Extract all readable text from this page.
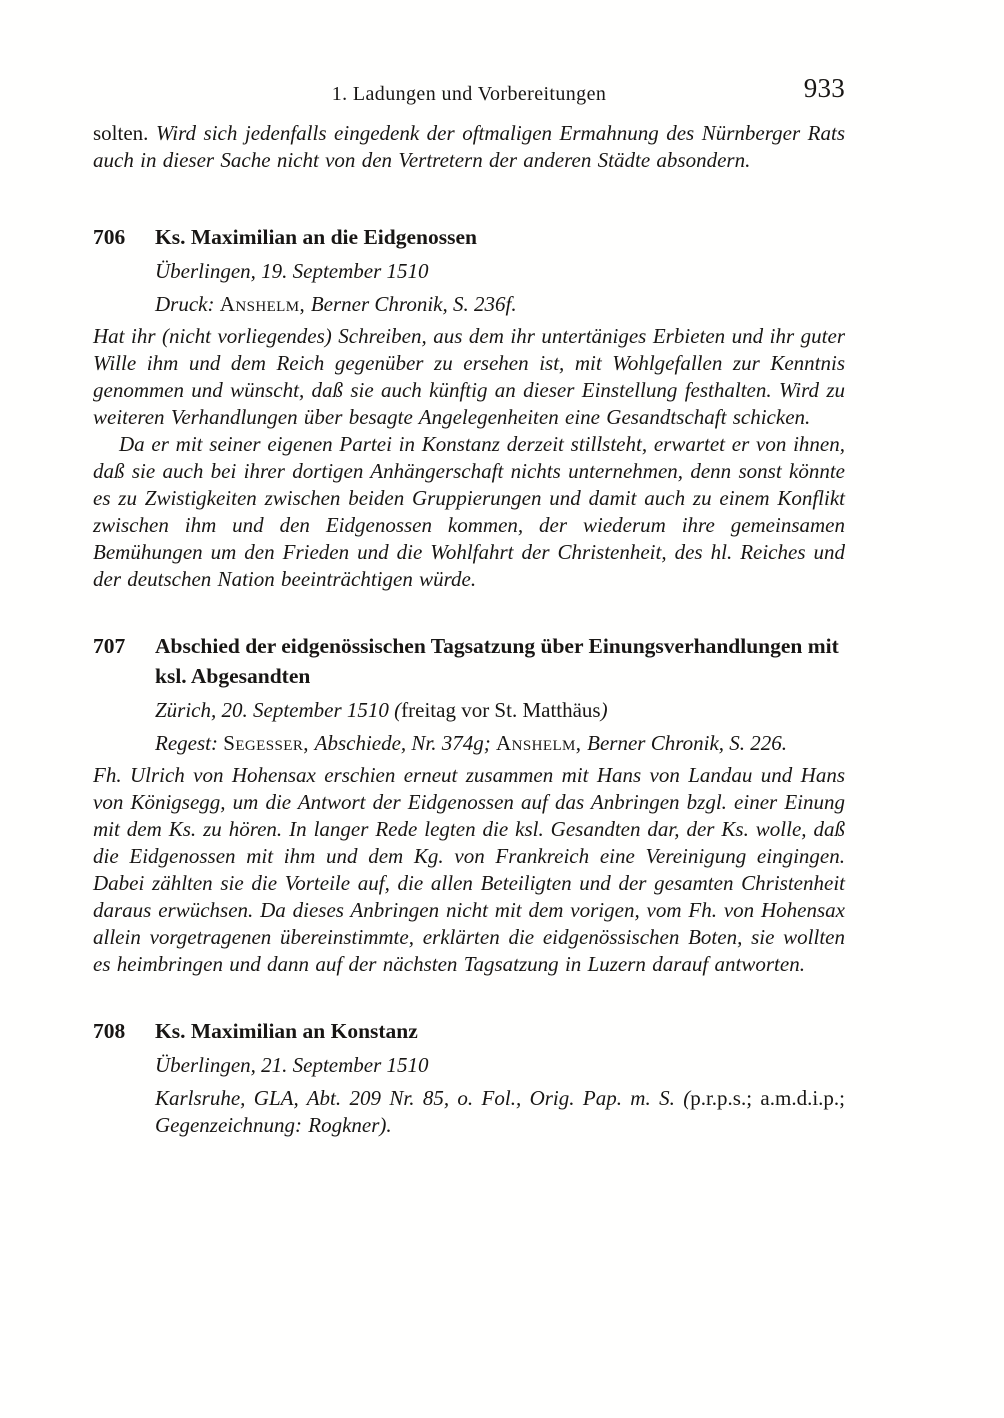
1. Ladungen und Vorbereitungen	933

solten. Wird sich jedenfalls eingedenk der oftmaligen Ermahnung des Nürnberger Rats auch in dieser Sache nicht von den Vertretern der anderen Städte absondern.

706	Ks. Maximilian an die Eidgenossen

Überlingen, 19. September 1510

Druck: Anshelm, Berner Chronik, S. 236f.

Hat ihr (nicht vorliegendes) Schreiben, aus dem ihr untertäniges Erbieten und ihr guter Wille ihm und dem Reich gegenüber zu ersehen ist, mit Wohlgefallen zur Kenntnis genommen und wünscht, daß sie auch künftig an dieser Einstellung festhalten. Wird zu weiteren Verhandlungen über besagte Angelegenheiten eine Gesandtschaft schicken.

Da er mit seiner eigenen Partei in Konstanz derzeit stillsteht, erwartet er von ihnen, daß sie auch bei ihrer dortigen Anhängerschaft nichts unternehmen, denn sonst könnte es zu Zwistigkeiten zwischen beiden Gruppierungen und damit auch zu einem Konflikt zwischen ihm und den Eidgenossen kommen, der wiederum ihre gemeinsamen Bemühungen um den Frieden und die Wohlfahrt der Christenheit, des hl. Reiches und der deutschen Nation beeinträchtigen würde.

707	Abschied der eidgenössischen Tagsatzung über Einungsverhandlungen mit ksl. Abgesandten

Zürich, 20. September 1510 (freitag vor St. Matthäus)

Regest: Segesser, Abschiede, Nr. 374g; Anshelm, Berner Chronik, S. 226.

Fh. Ulrich von Hohensax erschien erneut zusammen mit Hans von Landau und Hans von Königsegg, um die Antwort der Eidgenossen auf das Anbringen bzgl. einer Einung mit dem Ks. zu hören. In langer Rede legten die ksl. Gesandten dar, der Ks. wolle, daß die Eidgenossen mit ihm und dem Kg. von Frankreich eine Vereinigung eingingen. Dabei zählten sie die Vorteile auf, die allen Beteiligten und der gesamten Christenheit daraus erwüchsen. Da dieses Anbringen nicht mit dem vorigen, vom Fh. von Hohensax allein vorgetragenen übereinstimmte, erklärten die eidgenössischen Boten, sie wollten es heimbringen und dann auf der nächsten Tagsatzung in Luzern darauf antworten.

708	Ks. Maximilian an Konstanz

Überlingen, 21. September 1510

Karlsruhe, GLA, Abt. 209 Nr. 85, o. Fol., Orig. Pap. m. S. (p.r.p.s.; a.m.d.i.p.; Gegenzeichnung: Rogkner).
